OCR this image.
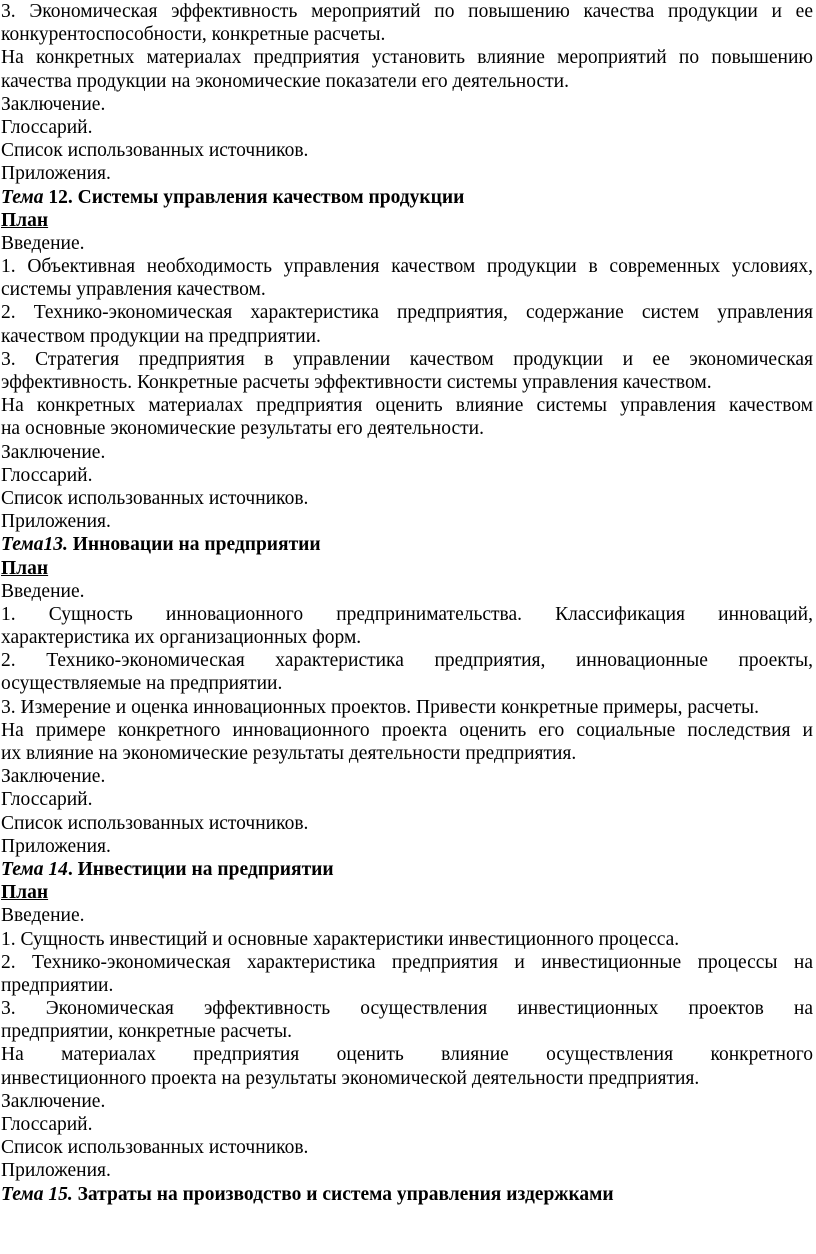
3. Экономическая эффективность мероприятий по повышению качества продукции и ее
конкурентоспособности, конкретные расчеты.
На конкретных материалах предприятия установить влияние мероприятий по повышению
качества продукции на экономические показатели его деятельности.
Заключение.
Глоссарий.
Список использованных источников.
Приложения.
Тема 12. Системы управления качеством продукции
План
Введение.
1. Объективная необходимость управления качеством продукции в современных условиях,
системы управления качеством.
2. Технико-экономическая характеристика предприятия, содержание систем управления
качеством продукции на предприятии.
3. Стратегия предприятия в управлении качеством продукции и ее экономическая
эффективность. Конкретные расчеты эффективности системы управления качеством.
На конкретных материалах предприятия оценить влияние системы управления качеством
на основные экономические результаты его деятельности.
Заключение.
Глоссарий.
Список использованных источников.
Приложения.
Тема13. Инновации на предприятии
План
Введение.
1. Сущность инновационного предпринимательства. Классификация инноваций,
характеристика их организационных форм.
2. Технико-экономическая характеристика предприятия, инновационные проекты,
осуществляемые на предприятии.
3. Измерение и оценка инновационных проектов. Привести конкретные примеры, расчеты.
На примере конкретного инновационного проекта оценить его социальные последствия и
их влияние на экономические результаты деятельности предприятия.
Заключение.
Глоссарий.
Список использованных источников.
Приложения.
Тема 14. Инвестиции на предприятии
План
Введение.
1. Сущность инвестиций и основные характеристики инвестиционного процесса.
2. Технико-экономическая характеристика предприятия и инвестиционные процессы на
предприятии.
3. Экономическая эффективность осуществления инвестиционных проектов на
предприятии, конкретные расчеты.
На материалах предприятия оценить влияние осуществления конкретного
инвестиционного проекта на результаты экономической деятельности предприятия.
Заключение.
Глоссарий.
Список использованных источников.
Приложения.
Тема 15. Затраты на производство и система управления издержками
